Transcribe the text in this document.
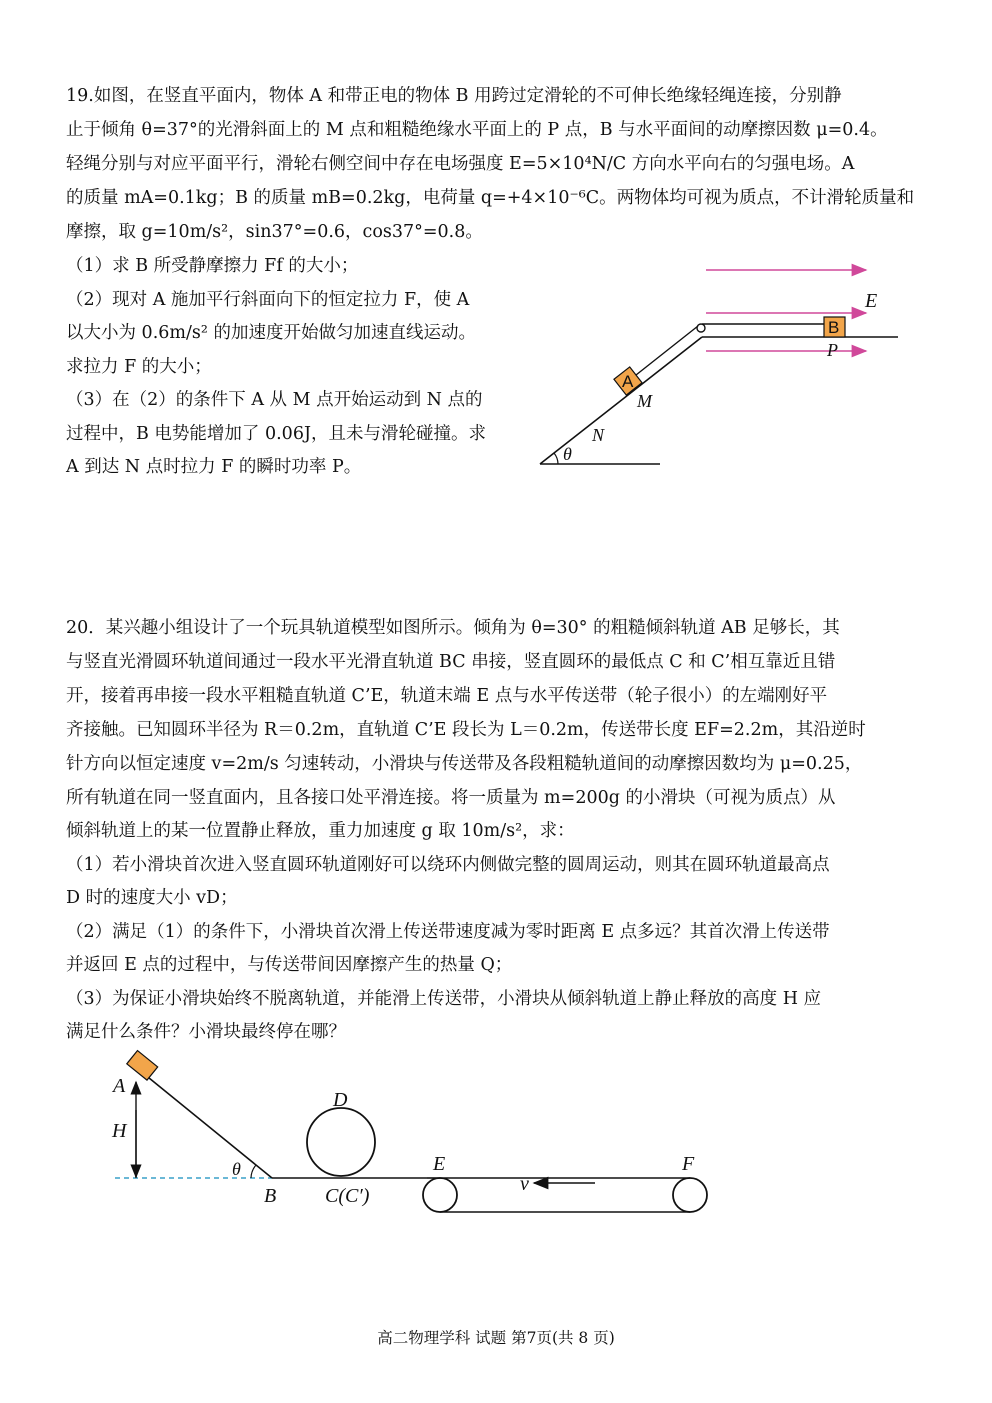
19.如图，在竖直平面内，物体 A 和带正电的物体 B 用跨过定滑轮的不可伸长绝缘轻绳连接，分别静
止于倾角 θ=37°的光滑斜面上的 M 点和粗糙绝缘水平面上的 P 点，B 与水平面间的动摩擦因数 μ=0.4。
轻绳分别与对应平面平行，滑轮右侧空间中存在电场强度 E=5×10⁴N/C 方向水平向右的匀强电场。A
的质量 mA=0.1kg；B 的质量 mB=0.2kg，电荷量 q=+4×10⁻⁶C。两物体均可视为质点，不计滑轮质量和
摩擦，取 g=10m/s²，sin37°=0.6，cos37°=0.8。
（1）求 B 所受静摩擦力 Ff 的大小；
（2）现对 A 施加平行斜面向下的恒定拉力 F，使 A
以大小为 0.6m/s² 的加速度开始做匀加速直线运动。
求拉力 F 的大小；
（3）在（2）的条件下 A 从 M 点开始运动到 N 点的
过程中，B 电势能增加了 0.06J，且未与滑轮碰撞。求
A 到达 N 点时拉力 F 的瞬时功率 P。
E
θ
B
P
A
M
N
20．某兴趣小组设计了一个玩具轨道模型如图所示。倾角为 θ=30° 的粗糙倾斜轨道 AB 足够长，其
与竖直光滑圆环轨道间通过一段水平光滑直轨道 BC 串接，竖直圆环的最低点 C 和 C’相互靠近且错
开，接着再串接一段水平粗糙直轨道 C’E，轨道末端 E 点与水平传送带（轮子很小）的左端刚好平
齐接触。已知圆环半径为 R＝0.2m，直轨道 C’E 段长为 L＝0.2m，传送带长度 EF=2.2m，其沿逆时
针方向以恒定速度 v=2m/s 匀速转动，小滑块与传送带及各段粗糙轨道间的动摩擦因数均为 μ=0.25，
所有轨道在同一竖直面内，且各接口处平滑连接。将一质量为 m=200g 的小滑块（可视为质点）从
倾斜轨道上的某一位置静止释放，重力加速度 g 取 10m/s²，求：
（1）若小滑块首次进入竖直圆环轨道刚好可以绕环内侧做完整的圆周运动，则其在圆环轨道最高点
D 时的速度大小 vD；
（2）满足（1）的条件下，小滑块首次滑上传送带速度减为零时距离 E 点多远？其首次滑上传送带
并返回 E 点的过程中，与传送带间因摩擦产生的热量 Q；
（3）为保证小滑块始终不脱离轨道，并能滑上传送带，小滑块从倾斜轨道上静止释放的高度 H 应
满足什么条件？小滑块最终停在哪？
A
H
θ
B
D
C(C′)
E	F
v
高二物理学科 试题 第7页(共 8 页)
